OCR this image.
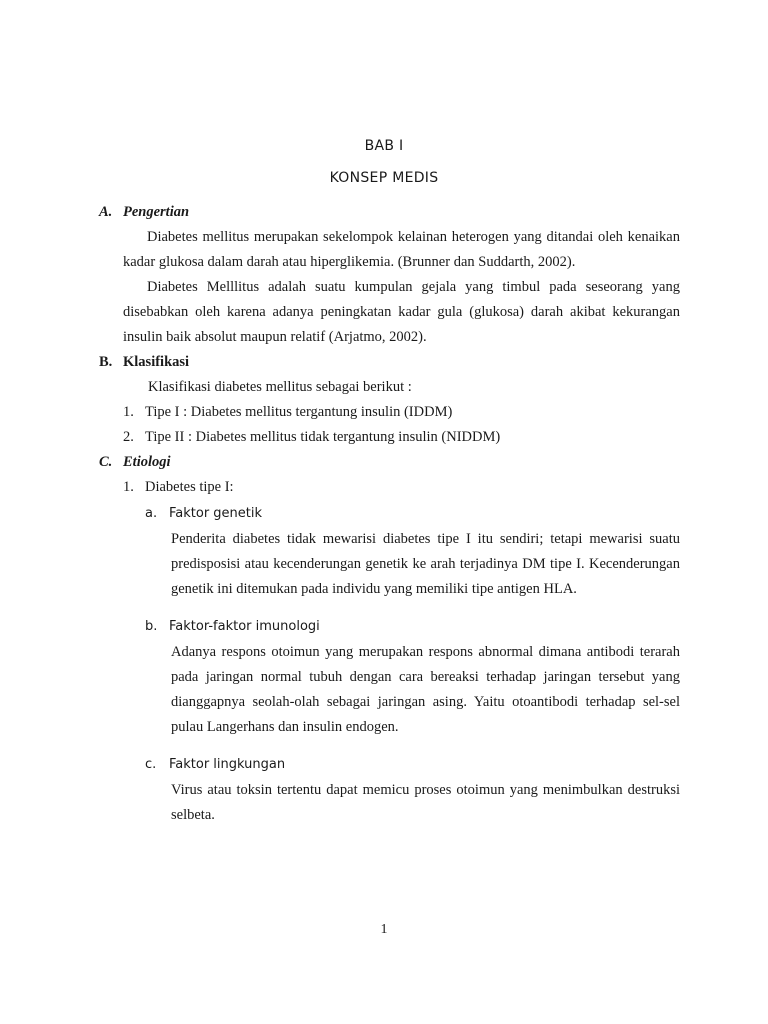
BAB I
KONSEP MEDIS
A. Pengertian
Diabetes mellitus merupakan sekelompok kelainan heterogen yang ditandai oleh kenaikan kadar glukosa dalam darah atau hiperglikemia. (Brunner dan Suddarth, 2002).
Diabetes Melllitus adalah suatu kumpulan gejala yang timbul pada seseorang yang disebabkan oleh karena adanya peningkatan kadar gula (glukosa) darah akibat kekurangan insulin baik absolut maupun relatif (Arjatmo, 2002).
B. Klasifikasi
Klasifikasi diabetes mellitus sebagai berikut :
1. Tipe I : Diabetes mellitus tergantung insulin (IDDM)
2. Tipe II : Diabetes mellitus tidak tergantung insulin (NIDDM)
C. Etiologi
1. Diabetes tipe I:
a. Faktor genetik
Penderita diabetes tidak mewarisi diabetes tipe I itu sendiri; tetapi mewarisi suatu predisposisi atau kecenderungan genetik ke arah terjadinya DM tipe I. Kecenderungan genetik ini ditemukan pada individu yang memiliki tipe antigen HLA.
b. Faktor-faktor imunologi
Adanya respons otoimun yang merupakan respons abnormal dimana antibodi terarah pada jaringan normal tubuh dengan cara bereaksi terhadap jaringan tersebut yang dianggapnya seolah-olah sebagai jaringan asing. Yaitu otoantibodi terhadap sel-sel pulau Langerhans dan insulin endogen.
c. Faktor lingkungan
Virus atau toksin tertentu dapat memicu proses otoimun yang menimbulkan destruksi selbeta.
1
